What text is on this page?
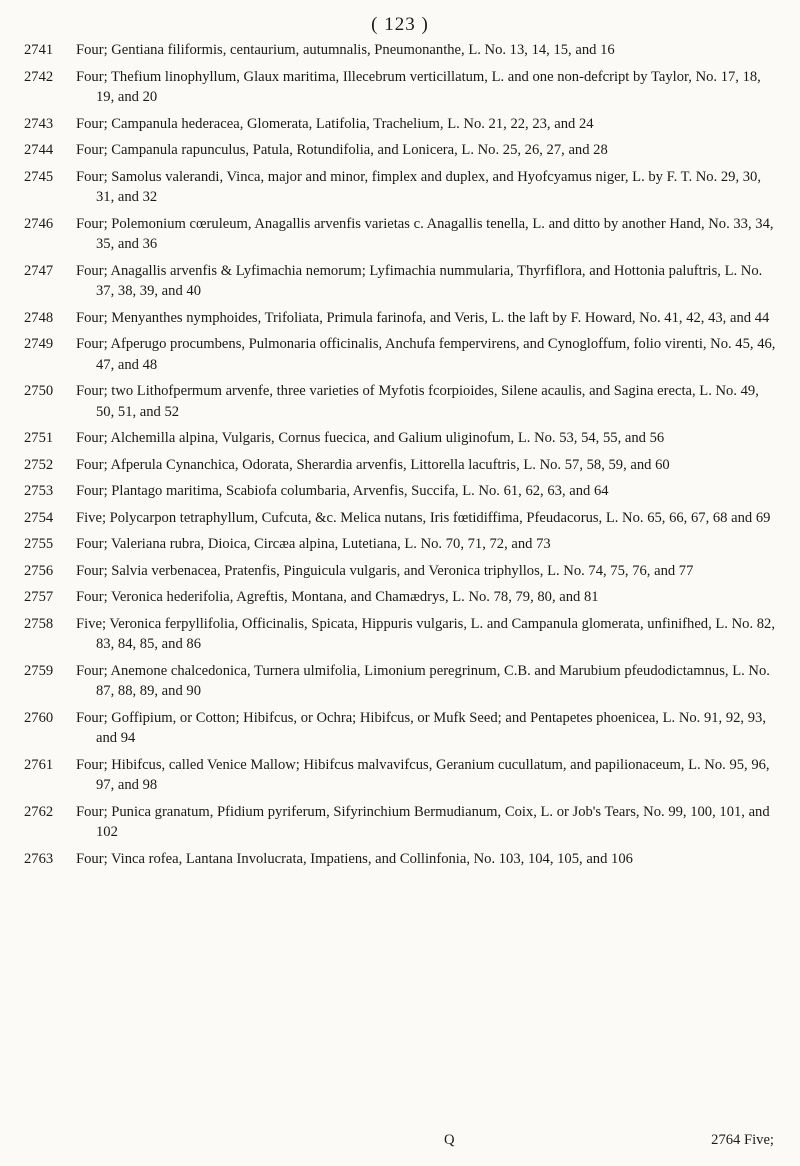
( 123 )
2741	Four; Gentiana filiformis, centaurium, autumnalis, Pneumonanthe, L. No. 13, 14, 15, and 16
2742	Four; Thefium linophyllum, Glaux maritima, Illecebrum verticillatum, L. and one non-defcript by Taylor, No. 17, 18, 19, and 20
2743	Four; Campanula hederacea, Glomerata, Latifolia, Trachelium, L. No. 21, 22, 23, and 24
2744	Four; Campanula rapunculus, Patula, Rotundifolia, and Lonicera, L. No. 25, 26, 27, and 28
2745	Four; Samolus valerandi, Vinca, major and minor, fimplex and duplex, and Hyofcyamus niger, L. by F. T. No. 29, 30, 31, and 32
2746	Four; Polemonium cœruleum, Anagallis arvenfis varietas c. Anagallis tenella, L. and ditto by another Hand, No. 33, 34, 35, and 36
2747	Four; Anagallis arvenfis & Lyfimachia nemorum; Lyfimachia nummularia, Thyrfiflora, and Hottonia paluftris, L. No. 37, 38, 39, and 40
2748	Four; Menyanthes nymphoides, Trifoliata, Primula farinofa, and Veris, L. the laft by F. Howard, No. 41, 42, 43, and 44
2749	Four; Afperugo procumbens, Pulmonaria officinalis, Anchufa fempervirens, and Cynogloffum, folio virenti, No. 45, 46, 47, and 48
2750	Four; two Lithofpermum arvenfe, three varieties of Myfotis fcorpioides, Silene acaulis, and Sagina erecta, L. No. 49, 50, 51, and 52
2751	Four; Alchemilla alpina, Vulgaris, Cornus fuecica, and Galium uliginofum, L. No. 53, 54, 55, and 56
2752	Four; Afperula Cynanchica, Odorata, Sherardia arvenfis, Littorella lacuftris, L. No. 57, 58, 59, and 60
2753	Four; Plantago maritima, Scabiofa columbaria, Arvenfis, Succifa, L. No. 61, 62, 63, and 64
2754	Five; Polycarpon tetraphyllum, Cufcuta, &c. Melica nutans, Iris fœtidiffima, Pfeudacorus, L. No. 65, 66, 67, 68 and 69
2755	Four; Valeriana rubra, Dioica, Circæa alpina, Lutetiana, L. No. 70, 71, 72, and 73
2756	Four; Salvia verbenacea, Pratenfis, Pinguicula vulgaris, and Veronica triphyllos, L. No. 74, 75, 76, and 77
2757	Four; Veronica hederifolia, Agreftis, Montana, and Chamædrys, L. No. 78, 79, 80, and 81
2758	Five; Veronica ferpyllifolia, Officinalis, Spicata, Hippuris vulgaris, L. and Campanula glomerata, unfinifhed, L. No. 82, 83, 84, 85, and 86
2759	Four; Anemone chalcedonica, Turnera ulmifolia, Limonium peregrinum, C.B. and Marubium pfeudodictamnus, L. No. 87, 88, 89, and 90
2760	Four; Goffipium, or Cotton; Hibifcus, or Ochra; Hibifcus, or Mufk Seed; and Pentapetes phoenicea, L. No. 91, 92, 93, and 94
2761	Four; Hibifcus, called Venice Mallow; Hibifcus malvavifcus, Geranium cucullatum, and papilionaceum, L. No. 95, 96, 97, and 98
2762	Four; Punica granatum, Pfidium pyriferum, Sifyrinchium Bermudianum, Coix, L. or Job's Tears, No. 99, 100, 101, and 102
2763	Four; Vinca rofea, Lantana Involucrata, Impatiens, and Collinfonia, No. 103, 104, 105, and 106
Q	2764 Five;
